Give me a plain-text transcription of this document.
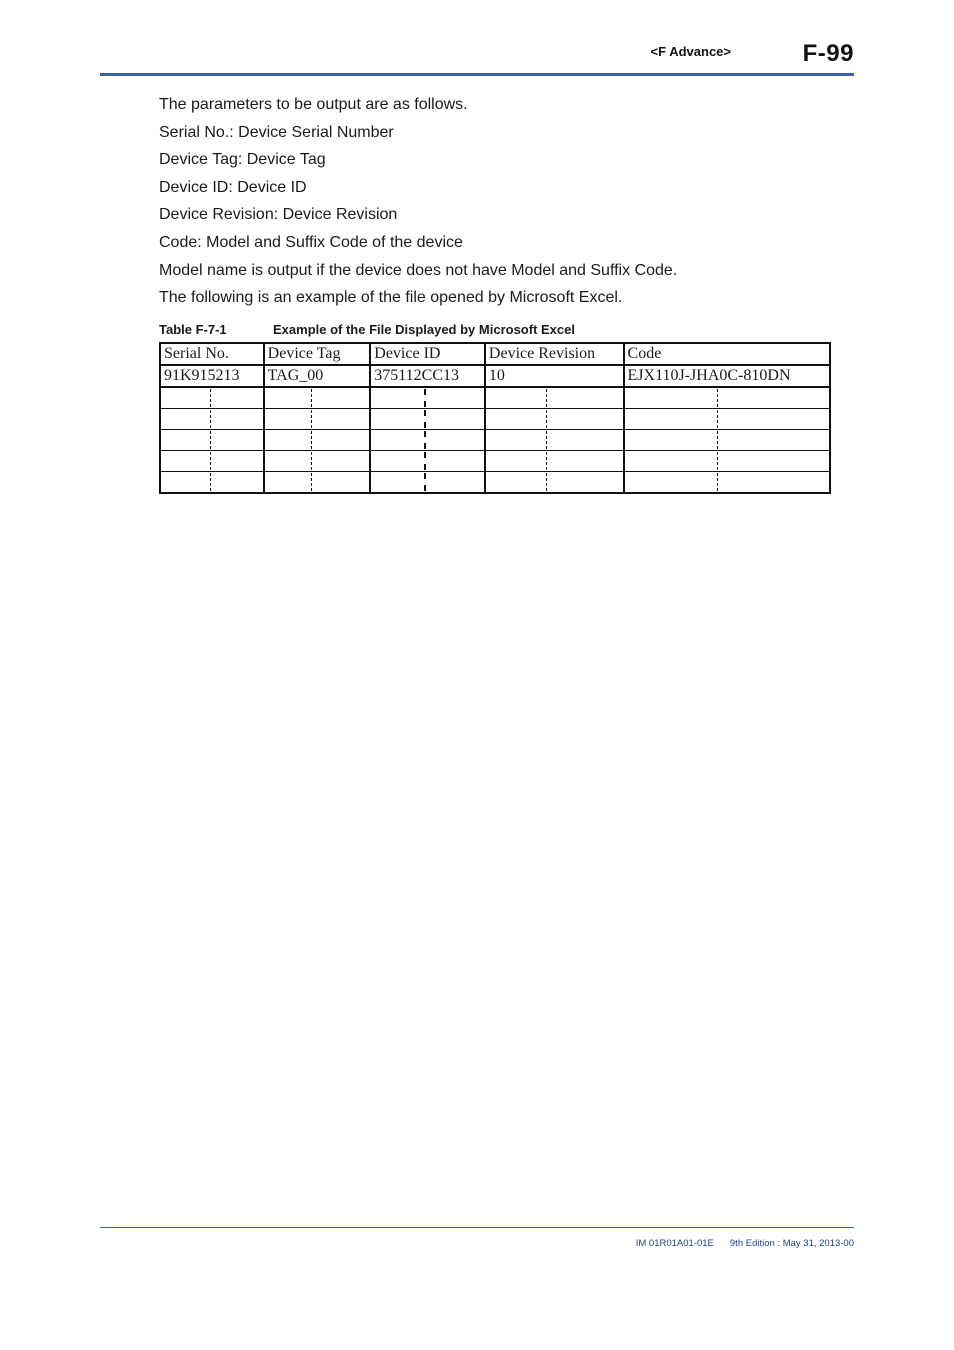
<F Advance>	F-99

The parameters to be output are as follows.

Serial No.: Device Serial Number

Device Tag: Device Tag

Device ID: Device ID

Device Revision: Device Revision

Code: Model and Suffix Code of the device

Model name is output if the device does not have Model and Suffix Code.

The following is an example of the file opened by Microsoft Excel.

Table F-7-1	Example of the File Displayed by Microsoft Excel
Serial No.	Device Tag	Device ID	Device Revision	Code
91K915213	TAG_00	375112CC13	10	EJX110J-JHA0C-810DN

IM 01R01A01-01E 9th Edition : May 31, 2013-00
